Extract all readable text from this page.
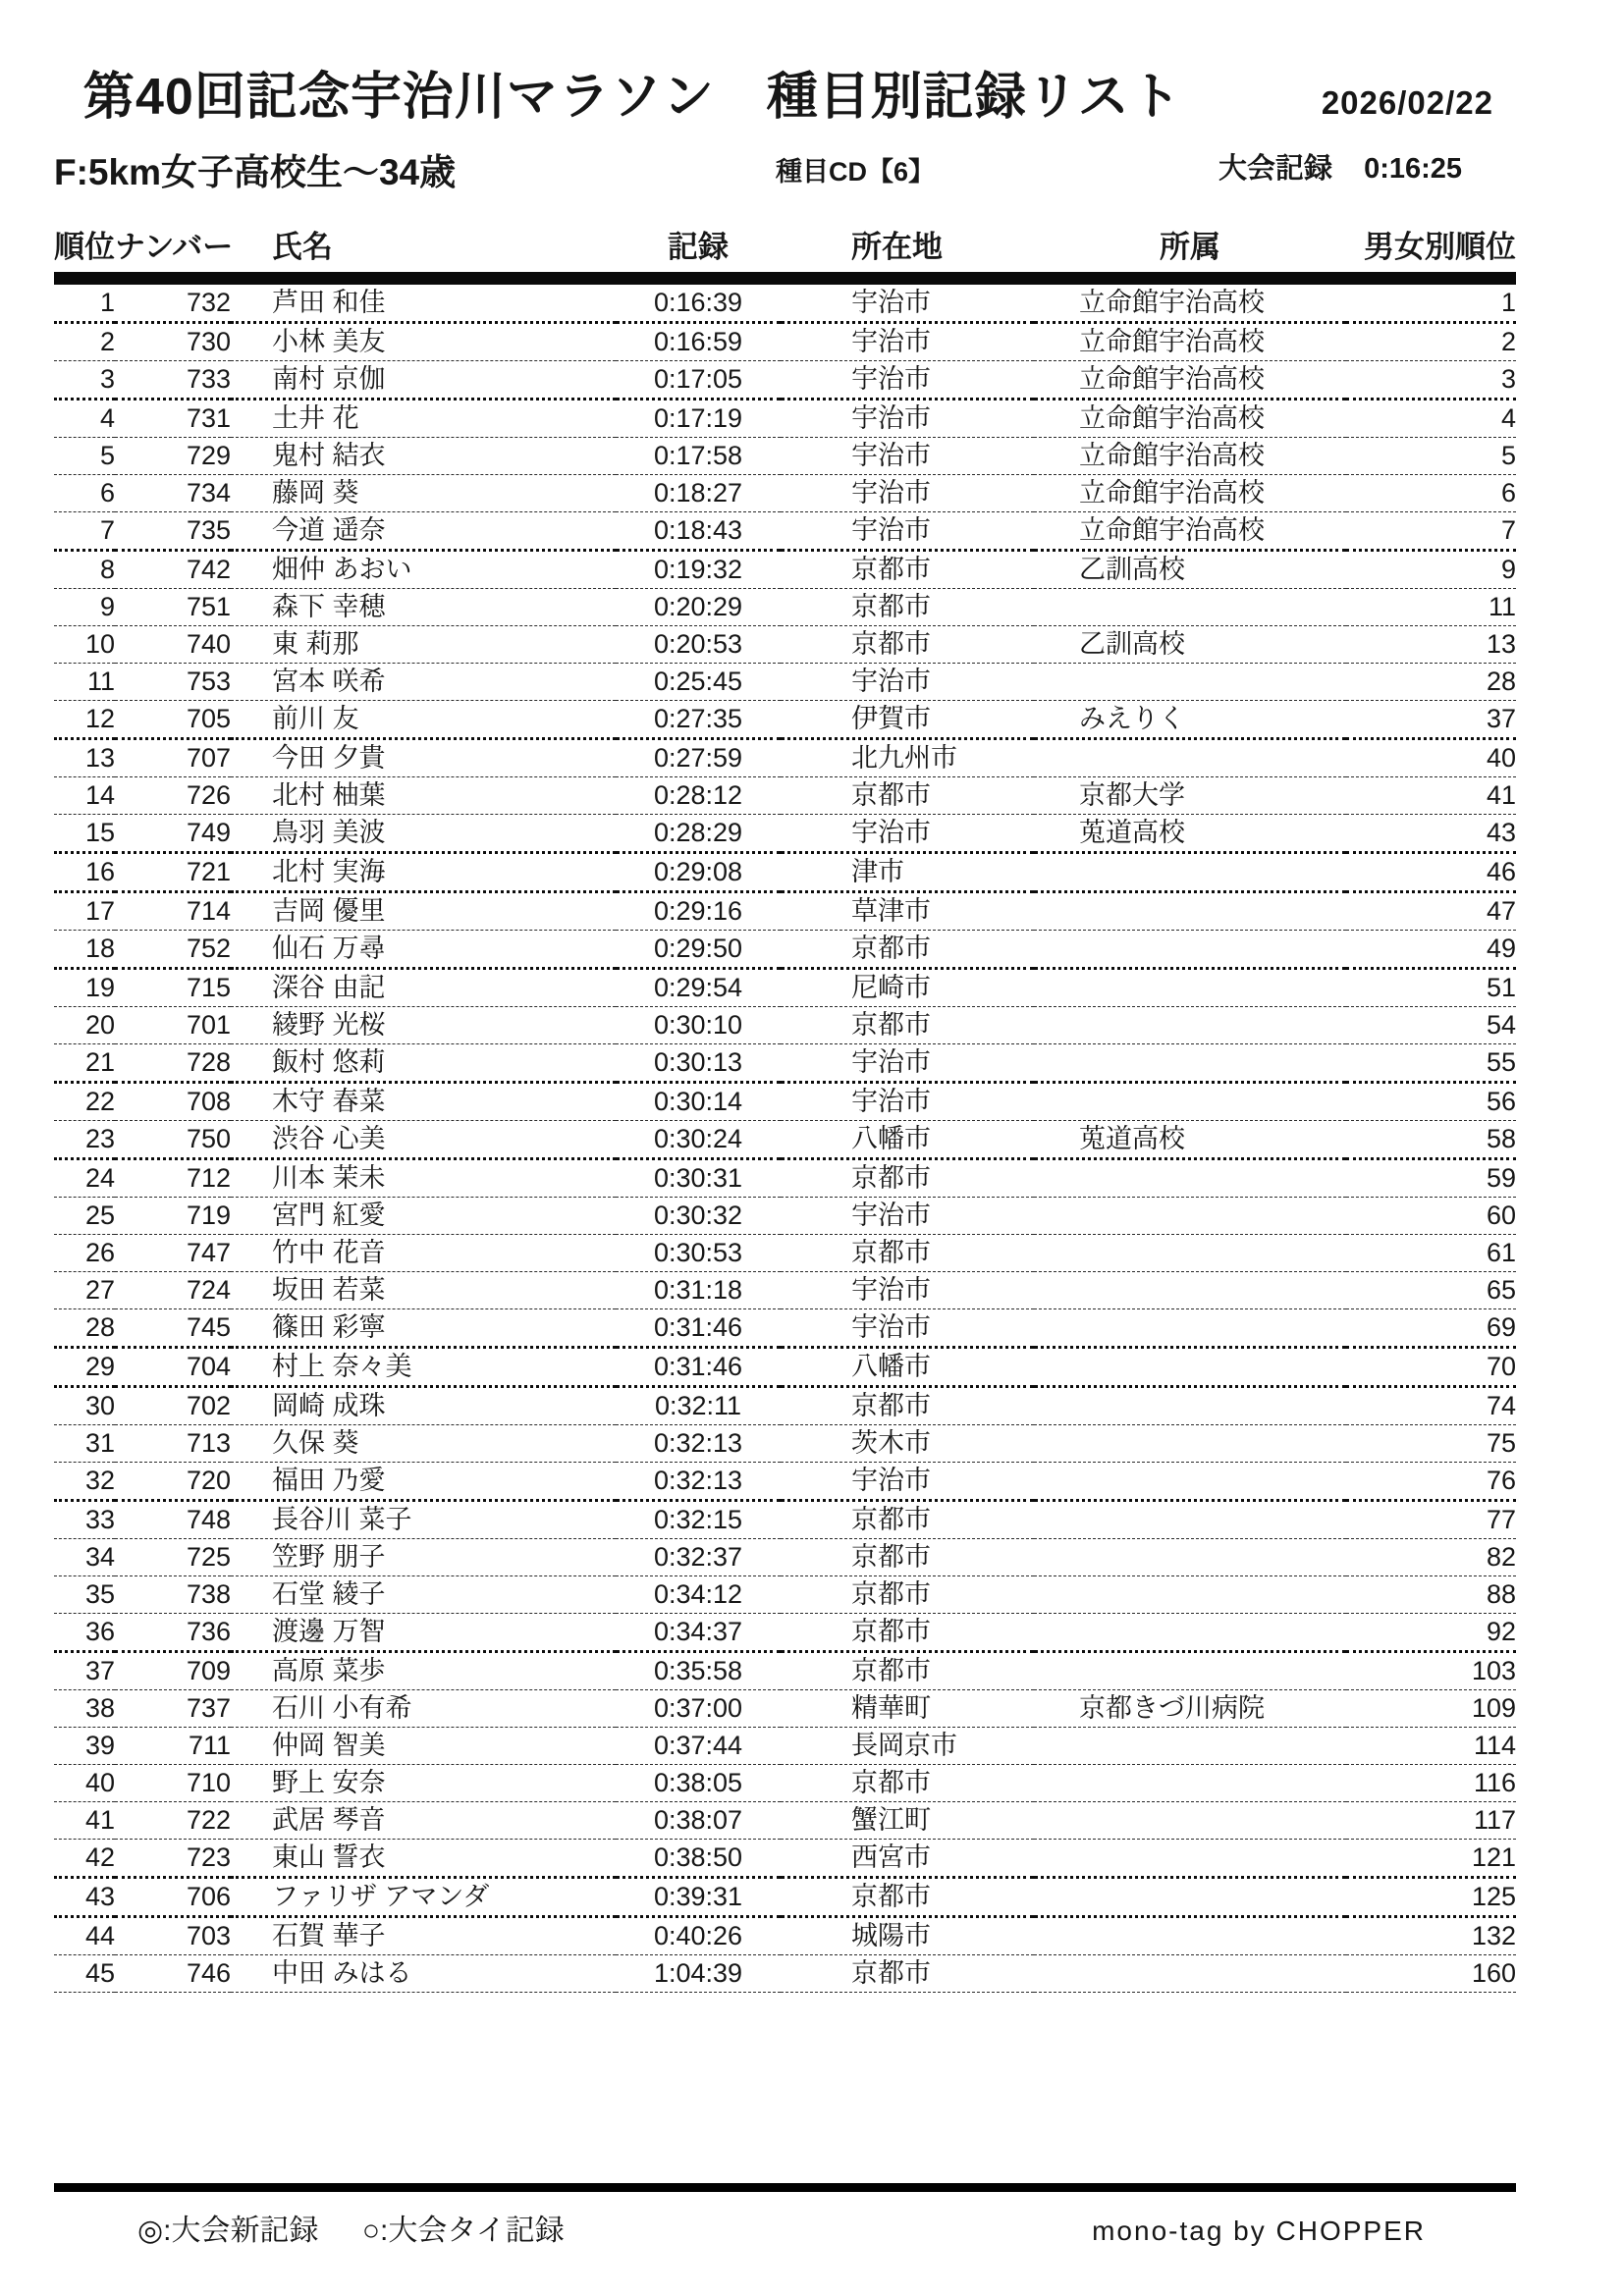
第40回記念宇治川マラソン　種目別記録リスト	2026/02/22
F:5km女子高校生～34歳	種目CD【6】	大会記録 0:16:25
順位	ナンバー	氏名	記録	所在地	所属	男女別順位
1	732	芦田 和佳	0:16:39	宇治市	立命館宇治高校	1
2	730	小林 美友	0:16:59	宇治市	立命館宇治高校	2
3	733	南村 京伽	0:17:05	宇治市	立命館宇治高校	3
4	731	土井 花	0:17:19	宇治市	立命館宇治高校	4
5	729	鬼村 結衣	0:17:58	宇治市	立命館宇治高校	5
6	734	藤岡 葵	0:18:27	宇治市	立命館宇治高校	6
7	735	今道 遥奈	0:18:43	宇治市	立命館宇治高校	7
8	742	畑仲 あおい	0:19:32	京都市	乙訓高校	9
9	751	森下 幸穂	0:20:29	京都市		11
10	740	東 莉那	0:20:53	京都市	乙訓高校	13
11	753	宮本 咲希	0:25:45	宇治市		28
12	705	前川 友	0:27:35	伊賀市	みえりく	37
13	707	今田 夕貴	0:27:59	北九州市		40
14	726	北村 柚葉	0:28:12	京都市	京都大学	41
15	749	鳥羽 美波	0:28:29	宇治市	莵道高校	43
16	721	北村 実海	0:29:08	津市		46
17	714	吉岡 優里	0:29:16	草津市		47
18	752	仙石 万尋	0:29:50	京都市		49
19	715	深谷 由記	0:29:54	尼崎市		51
20	701	綾野 光桜	0:30:10	京都市		54
21	728	飯村 悠莉	0:30:13	宇治市		55
22	708	木守 春菜	0:30:14	宇治市		56
23	750	渋谷 心美	0:30:24	八幡市	莵道高校	58
24	712	川本 茉未	0:30:31	京都市		59
25	719	宮門 紅愛	0:30:32	宇治市		60
26	747	竹中 花音	0:30:53	京都市		61
27	724	坂田 若菜	0:31:18	宇治市		65
28	745	篠田 彩寧	0:31:46	宇治市		69
29	704	村上 奈々美	0:31:46	八幡市		70
30	702	岡崎 成珠	0:32:11	京都市		74
31	713	久保 葵	0:32:13	茨木市		75
32	720	福田 乃愛	0:32:13	宇治市		76
33	748	長谷川 菜子	0:32:15	京都市		77
34	725	笠野 朋子	0:32:37	京都市		82
35	738	石堂 綾子	0:34:12	京都市		88
36	736	渡邊 万智	0:34:37	京都市		92
37	709	高原 菜歩	0:35:58	京都市		103
38	737	石川 小有希	0:37:00	精華町	京都きづ川病院	109
39	711	仲岡 智美	0:37:44	長岡京市		114
40	710	野上 安奈	0:38:05	京都市		116
41	722	武居 琴音	0:38:07	蟹江町		117
42	723	東山 誓衣	0:38:50	西宮市		121
43	706	ファリザ アマンダ	0:39:31	京都市		125
44	703	石賀 華子	0:40:26	城陽市		132
45	746	中田 みはる	1:04:39	京都市		160
◎:大会新記録 ○:大会タイ記録	mono-tag by CHOPPER
